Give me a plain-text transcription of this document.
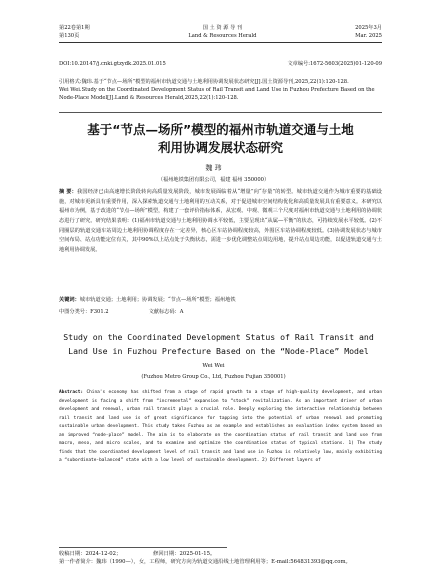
第22卷第1期
第130页
国 土 资 源 导 刊
Land & Resources Herald
2025年3月
Mar. 2025
DOI:10.20147/j.cnki.gtzydk.2025.01.015	文章编号:1672-5603(2025)01-120-09
引用格式:魏玮.基于“节点—场所”模型的福州市轨道交通与土地利用协调发展状态研究[J].国土资源导刊,2025,22(1):120-128.
Wei Wei.Study on the Coordinated Development Status of Rail Transit and Land Use in Fuzhou Prefecture Based on the Node-Place Model[J].Land & Resources Herald,2025,22(1):120-128.
基于“节点—场所”模型的福州市轨道交通与土地
利用协调发展状态研究
魏 玮
（福州地铁集团有限公司，福建 福州 350000）
摘 要：我国经济已由高速增长阶段转向高质量发展阶段，城市发展面临着从“增量”向“存量”的转型。城市轨道交通作为城市重要的基础设施，对城市更新具有重要作用，深入探索轨道交通与土地利用的互动关系，对于促进城市空间结构优化和高质量发展具有重要意义。本研究以福州市为例，基于改进的“节点—场所”模型，构建了一套评价指标体系，从宏观、中观、微观三个尺度对福州市轨道交通与土地利用的协调状态进行了研究。研究结果表明：(1)福州市轨道交通与土地利用协调水平较低，主要呈现出“从属—平衡”的状态，可持续发展水平较低。(2)不同圈层的轨道交通车站周边土地利用协调程度存在一定差异，核心区车站协调程度较高，外围区车站协调程度较低。(3)协调发展状态与城市空间布局、站点功能定位有关，其中90%以上站点处于失衡状态，需进一步优化调整站点周边用地，提升站点周边功能，以促进轨道交通与土地利用协调发展。
关键词：城市轨道交通；土地利用；协调发展；“节点—场所”模型；福州地铁
中图分类号：F301.2	文献标志码：A
Study on the Coordinated Development Status of Rail Transit and
Land Use in Fuzhou Prefecture Based on the “Node-Place” Model
Wei Wei
(Fuzhou Metro Group Co., Ltd, Fuzhou Fujian 350001)
Abstract: China's economy has shifted from a stage of rapid growth to a stage of high-quality development, and urban development is facing a shift from “incremental” expansion to “stock” revitalization. As an important driver of urban development and renewal, urban rail transit plays a crucial role. Deeply exploring the interactive relationship between rail transit and land use is of great significance for tapping into the potential of urban renewal and promoting sustainable urban development. This study takes Fuzhou as an example and establishes an evaluation index system based on an improved “node-place” model. The aim is to elaborate on the coordination status of rail transit and land use from macro, meso, and micro scales, and to examine and optimize the coordination status of typical stations. 1) The study finds that the coordinated development level of rail transit and land use in Fuzhou is relatively low, mainly exhibiting a “subordinate-balanced” state with a low level of sustainable development. 2) Different layers of
收稿日期：2024-12-02；	修回日期：2025-01-15。
第一作者简介：魏玮（1990—），女，工程师，研究方向为轨道交通沿线土地管理利用等；E-mail:564831393@qq.com。
